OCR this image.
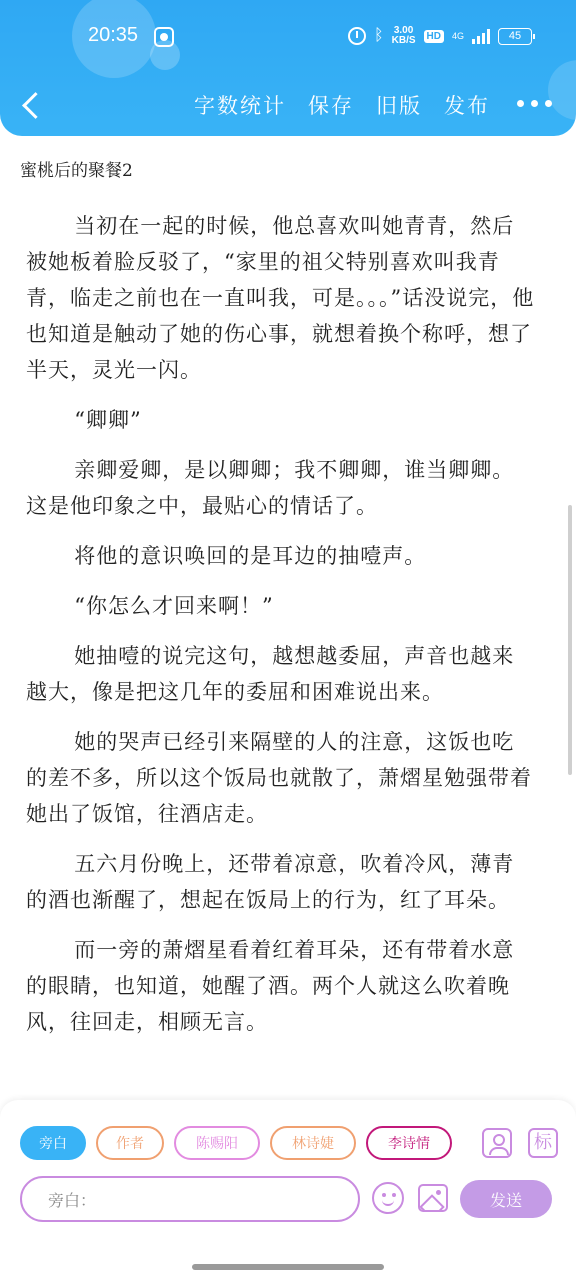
20:35	ᛒ 3.00
KB/S	HD	4G	45
字数统计 保存 旧版 发布
蜜桃后的聚餐2

当初在一起的时候，他总喜欢叫她青青，然后被她板着脸反驳了，“家里的祖父特别喜欢叫我青青，临走之前也在一直叫我，可是。。。”话没说完，他也知道是触动了她的伤心事，就想着换个称呼，想了半天，灵光一闪。

“卿卿”

亲卿爱卿，是以卿卿；我不卿卿，谁当卿卿。这是他印象之中，最贴心的情话了。

将他的意识唤回的是耳边的抽噎声。

“你怎么才回来啊！”

她抽噎的说完这句，越想越委屈，声音也越来越大，像是把这几年的委屈和困难说出来。

她的哭声已经引来隔壁的人的注意，这饭也吃的差不多，所以这个饭局也就散了，萧熠星勉强带着她出了饭馆，往酒店走。

五六月份晚上，还带着凉意，吹着冷风，薄青的酒也渐醒了，想起在饭局上的行为，红了耳朵。

而一旁的萧熠星看着红着耳朵，还有带着水意的眼睛，也知道，她醒了酒。两个人就这么吹着晚风，往回走，相顾无言。

旁白	作者	陈赐阳	林诗婕	李诗情	标
旁白：	发送
